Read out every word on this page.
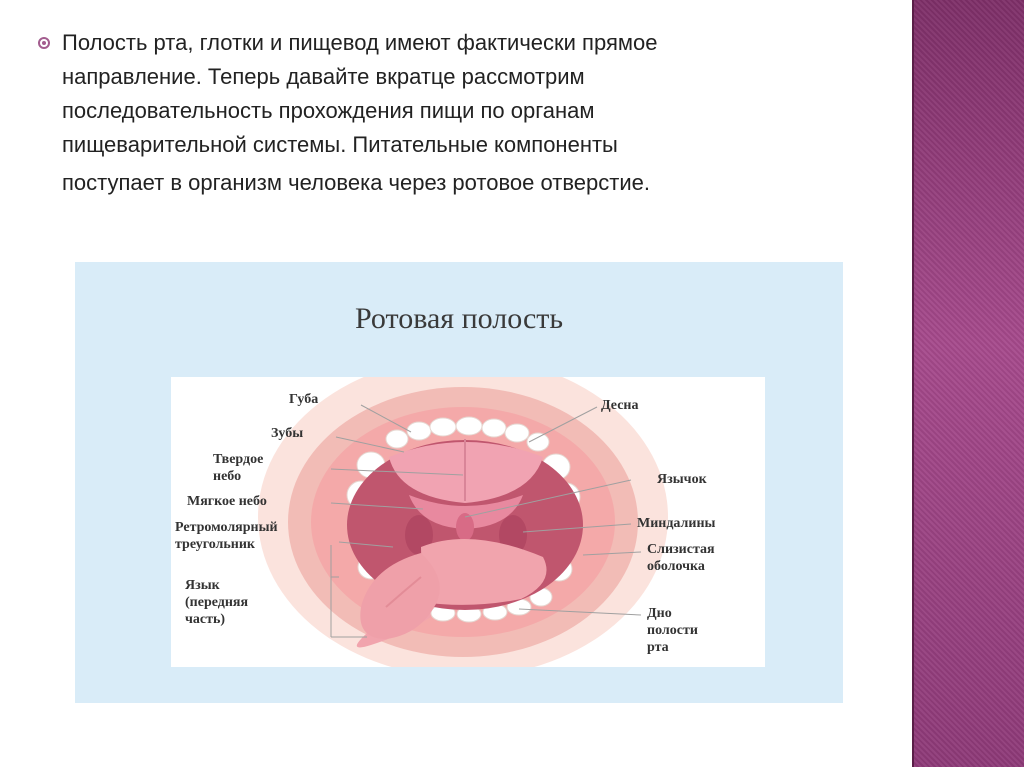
Полость рта, глотки и пищевод имеют фактически прямое
направление. Теперь давайте вкратце рассмотрим
последовательность прохождения пищи по органам
пищеварительной системы. Питательные компоненты
поступает в организм человека через ротовое отверстие.

Ротовая полость
Губа
Зубы
Твердое
небо
Мягкое небо
Ретромолярный
треугольник
Язык
(передняя
часть)
Десна
Язычок
Миндалины
Слизистая
оболочка
Дно
полости
рта
